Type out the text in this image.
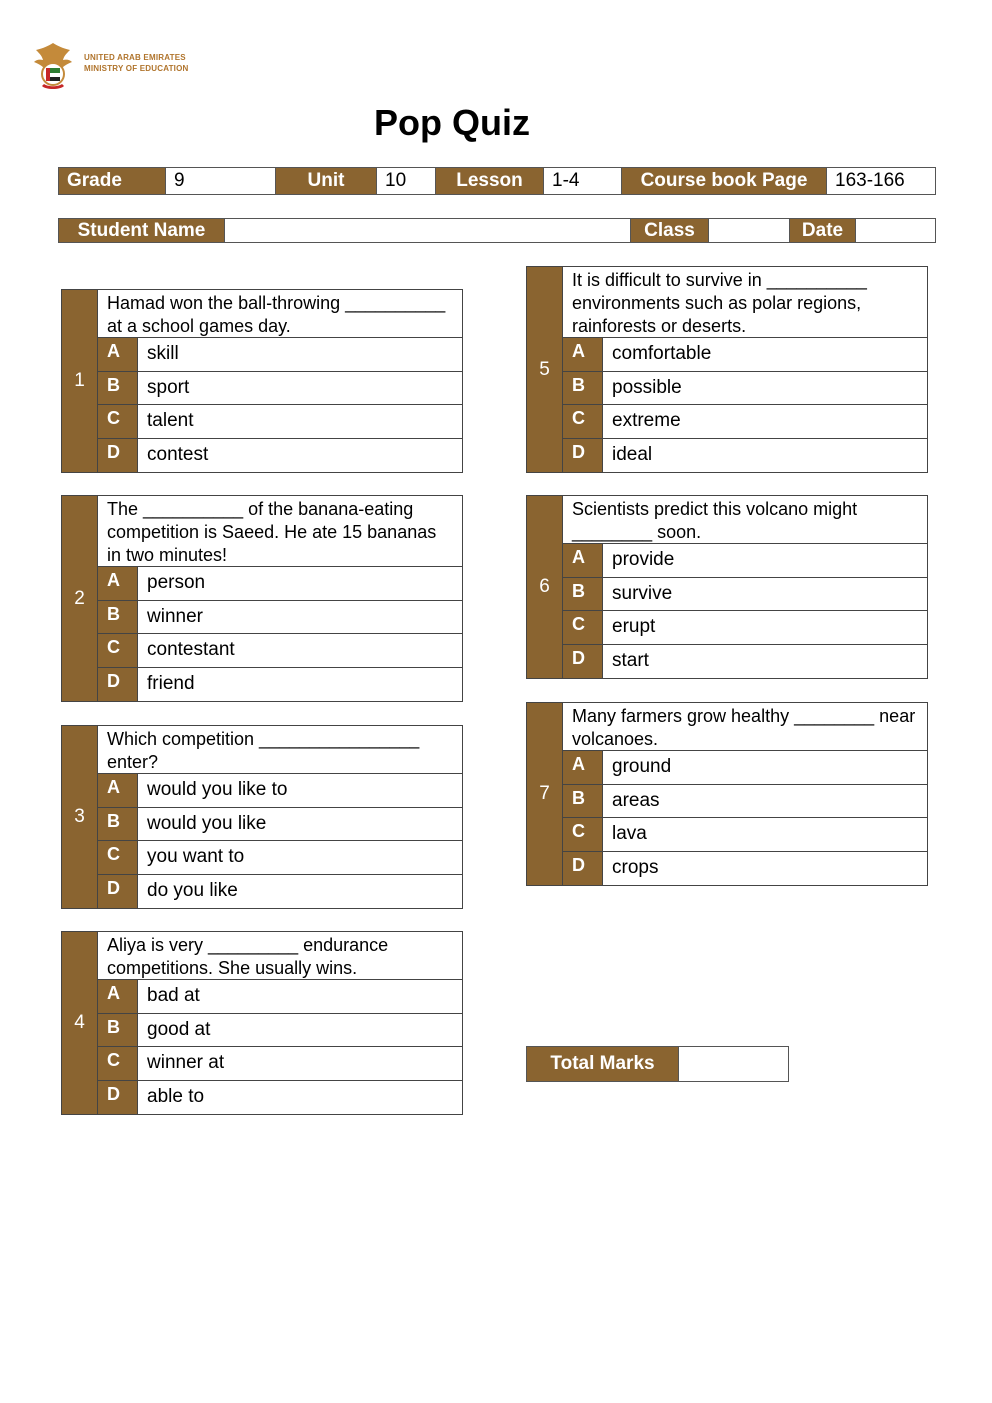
UNITED ARAB EMIRATES
MINISTRY OF EDUCATION
Pop Quiz
Grade	9	Unit	10	Lesson	1-4	Course book Page	163-166
Student Name	Class	Date
1
Hamad won the ball-throwing __________ at a school games day.
A	skill
B	sport
C	talent
D	contest
2
The __________ of the banana-eating competition is Saeed. He ate 15 bananas in two minutes!
A	person
B	winner
C	contestant
D	friend
3
Which competition ________________ enter?
A	would you like to
B	would you like
C	you want to
D	do you like
4
Aliya is very _________ endurance competitions. She usually wins.
A	bad at
B	good at
C	winner at
D	able to
5
It is difficult to survive in __________ environments such as polar regions, rainforests or deserts.
A	comfortable
B	possible
C	extreme
D	ideal
6
Scientists predict this volcano might ________ soon.
A	provide
B	survive
C	erupt
D	start
7
Many farmers grow healthy ________ near volcanoes.
A	ground
B	areas
C	lava
D	crops
Total Marks
